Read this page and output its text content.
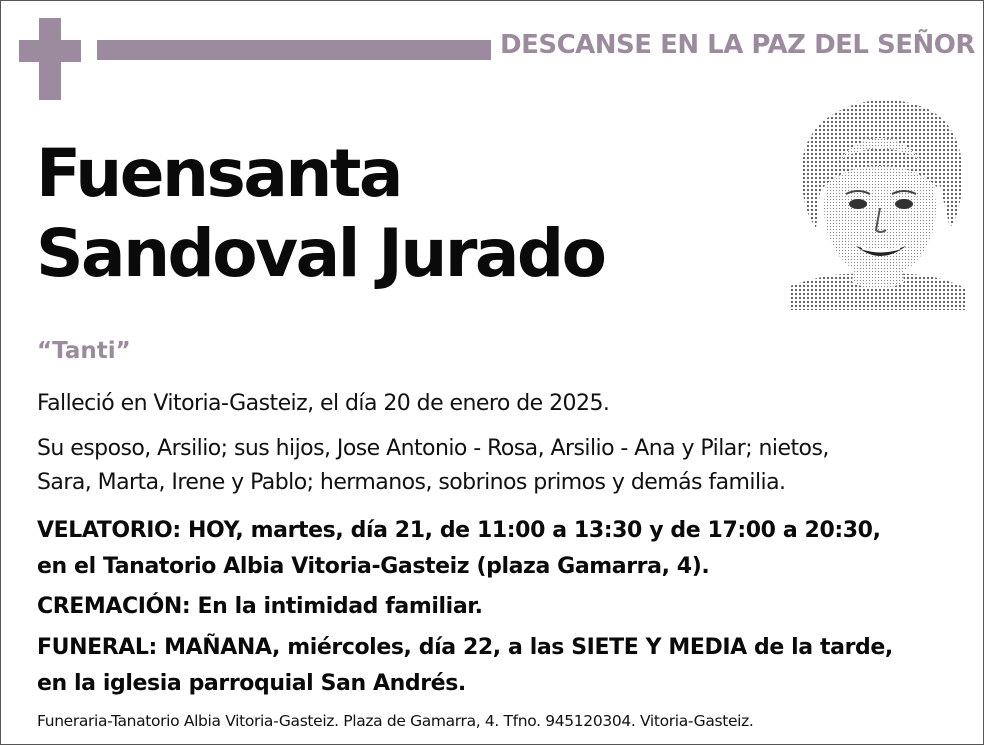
DESCANSE EN LA PAZ DEL SEÑOR
Fuensanta
Sandoval Jurado
“Tanti”
Falleció en Vitoria-Gasteiz, el día 20 de enero de 2025.
Su esposo, Arsilio; sus hijos, Jose Antonio - Rosa, Arsilio - Ana y Pilar; nietos,
Sara, Marta, Irene y Pablo; hermanos, sobrinos primos y demás familia.
VELATORIO: HOY, martes, día 21, de 11:00 a 13:30 y de 17:00 a 20:30,
en el Tanatorio Albia Vitoria-Gasteiz (plaza Gamarra, 4).
CREMACIÓN: En la intimidad familiar.
FUNERAL: MAÑANA, miércoles, día 22, a las SIETE Y MEDIA de la tarde,
en la iglesia parroquial San Andrés.
Funeraria-Tanatorio Albia Vitoria-Gasteiz. Plaza de Gamarra, 4. Tfno. 945120304. Vitoria-Gasteiz.
